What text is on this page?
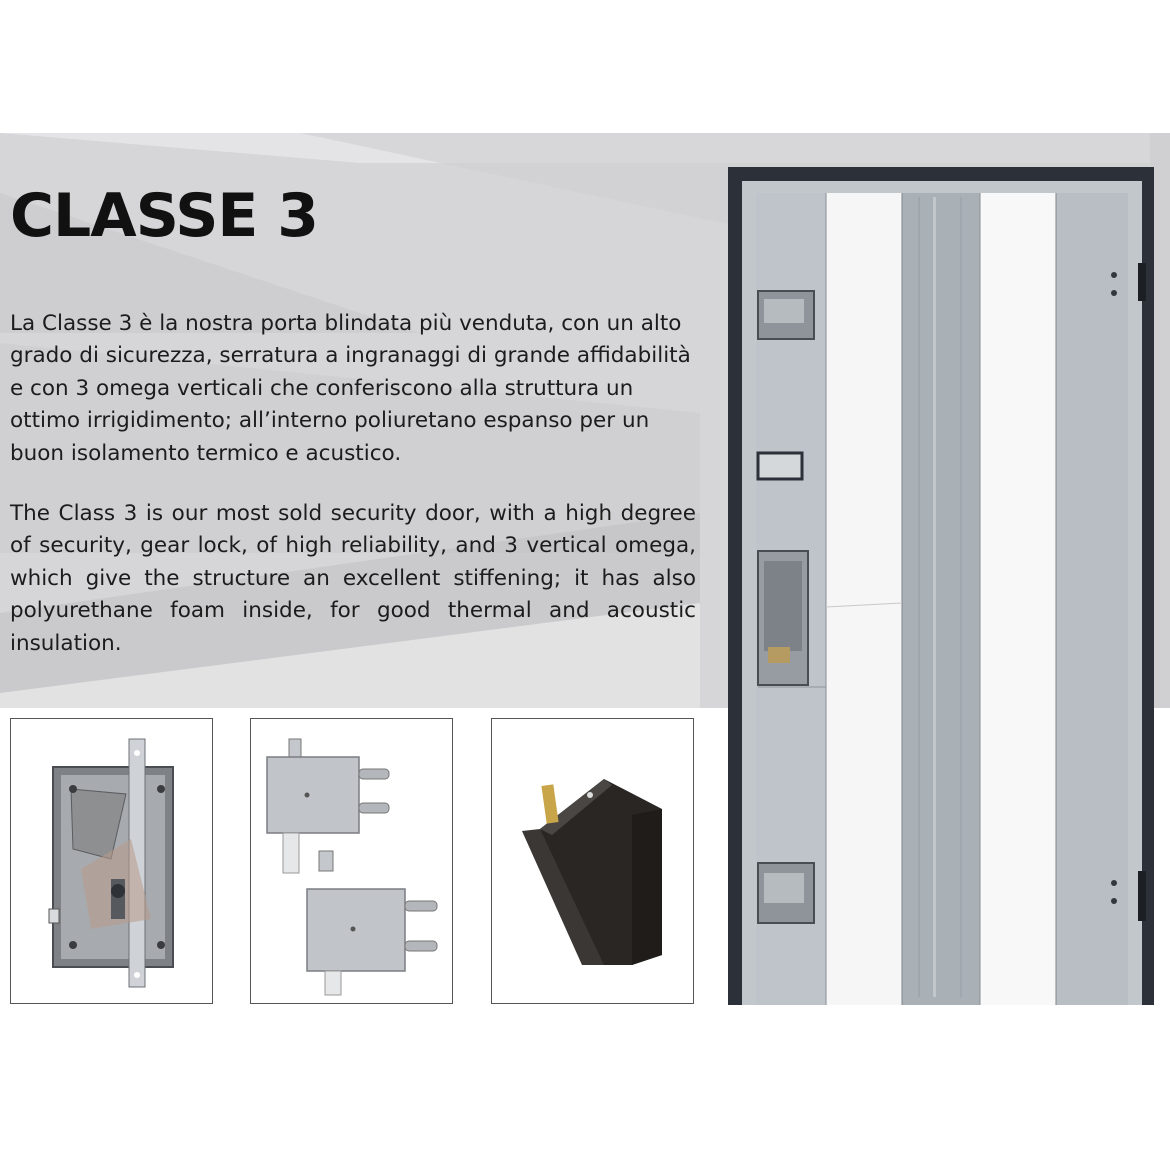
CLASSE 3

La Classe 3 è la nostra porta blindata più venduta, con un alto grado di sicurezza, serratura a ingranaggi di grande affidabilità e con 3 omega verticali che conferiscono alla struttura un ottimo irrigidimento; all’interno poliuretano espanso per un buon isolamento termico e acustico.

The Class 3 is our most sold security door, with a high degree of security, gear lock, of high reliability, and 3 vertical omega, which give the structure an excellent stiffening; it has also polyurethane foam inside, for good thermal and acoustic insulation.
